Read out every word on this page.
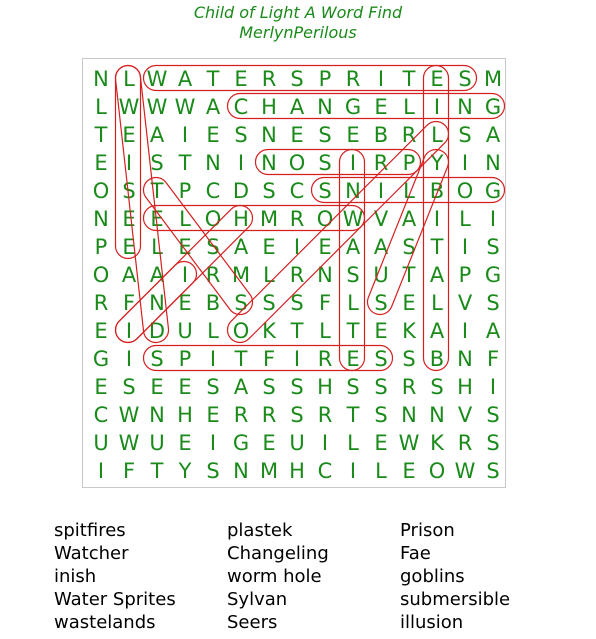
Child of Light A Word Find
MerlynPerilous
N L W A T E R S P R I T E S M
L W W W A C H A N G E L I N G
T E A I E S N E S E B R L S A
E I S T N I N O S I R P Y I N
O S T P C D S C S N I L B O G
N E E L O H M R O W V A I L I
P E L E S A E I E A A S T I S
O A A I R M L R N S U T A P G
R F N E B S S S F L S E L V S
E I D U L O K T L T E K A I A
G I S P I T F I R E S S B N F
E S E E S A S S H S S R S H I
C W N H E R R S R T S N N V S
U W U E I G E U I L E W K R S
I F T Y S N M H C I L E O W S
spitfires
Watcher
inish
Water Sprites
wastelands
plastek
Changeling
worm hole
Sylvan
Seers
Prison
Fae
goblins
submersible
illusion
